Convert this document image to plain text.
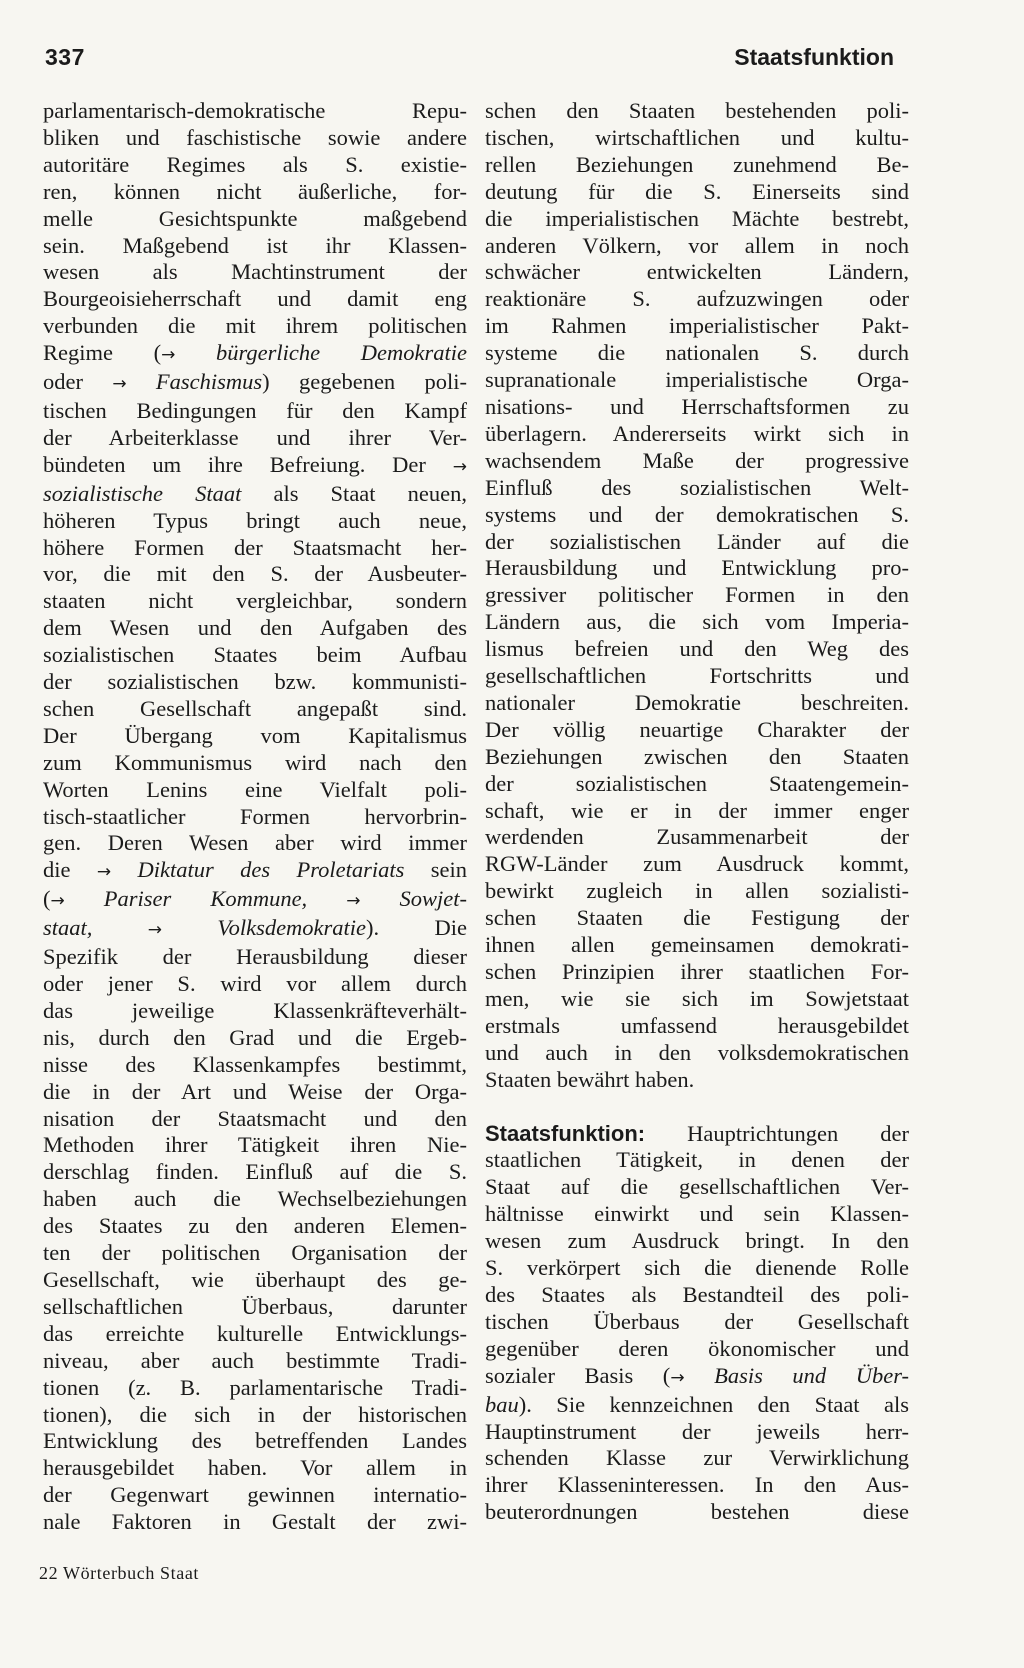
337	Staatsfunktion
parlamentarisch-demokratische Repu-
bliken und faschistische sowie andere
autoritäre Regimes als S. existie-
ren, können nicht äußerliche, for-
melle Gesichtspunkte maßgebend
sein. Maßgebend ist ihr Klassen-
wesen als Machtinstrument der
Bourgeoisieherrschaft und damit eng
verbunden die mit ihrem politischen
Regime (→ bürgerliche Demokratie
oder → Faschismus) gegebenen poli-
tischen Bedingungen für den Kampf
der Arbeiterklasse und ihrer Ver-
bündeten um ihre Befreiung. Der →
sozialistische Staat als Staat neuen,
höheren Typus bringt auch neue,
höhere Formen der Staatsmacht her-
vor, die mit den S. der Ausbeuter-
staaten nicht vergleichbar, sondern
dem Wesen und den Aufgaben des
sozialistischen Staates beim Aufbau
der sozialistischen bzw. kommunisti-
schen Gesellschaft angepaßt sind.
Der Übergang vom Kapitalismus
zum Kommunismus wird nach den
Worten Lenins eine Vielfalt poli-
tisch-staatlicher Formen hervorbrin-
gen. Deren Wesen aber wird immer
die → Diktatur des Proletariats sein
(→ Pariser Kommune, → Sowjet-
staat,	→ Volksdemokratie). Die
Spezifik der Herausbildung dieser
oder jener S. wird vor allem durch
das jeweilige Klassenkräfteverhält-
nis, durch den Grad und die Ergeb-
nisse des Klassenkampfes bestimmt,
die in der Art und Weise der Orga-
nisation der Staatsmacht und den
Methoden ihrer Tätigkeit ihren Nie-
derschlag finden. Einfluß auf die S.
haben auch die Wechselbeziehungen
des Staates zu den anderen Elemen-
ten der politischen Organisation der
Gesellschaft, wie überhaupt des ge-
sellschaftlichen Überbaus, darunter
das erreichte kulturelle Entwicklungs-
niveau, aber auch bestimmte Tradi-
tionen (z. B. parlamentarische Tradi-
tionen), die sich in der historischen
Entwicklung des betreffenden Landes
herausgebildet haben. Vor allem in
der Gegenwart gewinnen internatio-
nale Faktoren in Gestalt der zwi-
schen den Staaten bestehenden poli-
tischen, wirtschaftlichen und kultu-
rellen Beziehungen zunehmend Be-
deutung für die S. Einerseits sind
die imperialistischen Mächte bestrebt,
anderen Völkern, vor allem in noch
schwächer entwickelten Ländern,
reaktionäre S. aufzuzwingen oder
im Rahmen imperialistischer Pakt-
systeme die nationalen S. durch
supranationale imperialistische Orga-
nisations- und Herrschaftsformen zu
überlagern. Andererseits wirkt sich in
wachsendem Maße der progressive
Einfluß des sozialistischen Welt-
systems und der demokratischen S.
der sozialistischen Länder auf die
Herausbildung und Entwicklung pro-
gressiver politischer Formen in den
Ländern aus, die sich vom Imperia-
lismus befreien und den Weg des
gesellschaftlichen Fortschritts und
nationaler Demokratie beschreiten.
Der völlig neuartige Charakter der
Beziehungen zwischen den Staaten
der sozialistischen Staatengemein-
schaft, wie er in der immer enger
werdenden Zusammenarbeit der
RGW-Länder zum Ausdruck kommt,
bewirkt zugleich in allen sozialisti-
schen Staaten die Festigung der
ihnen allen gemeinsamen demokrati-
schen Prinzipien ihrer staatlichen For-
men, wie sie sich im Sowjetstaat
erstmals umfassend herausgebildet
und auch in den volksdemokratischen
Staaten bewährt haben.
Staatsfunktion: Hauptrichtungen der
staatlichen Tätigkeit, in denen der
Staat auf die gesellschaftlichen Ver-
hältnisse einwirkt und sein Klassen-
wesen zum Ausdruck bringt. In den
S. verkörpert sich die dienende Rolle
des Staates als Bestandteil des poli-
tischen Überbaus der Gesellschaft
gegenüber deren ökonomischer und
sozialer Basis (→ Basis und Über-
bau). Sie kennzeichnen den Staat als
Hauptinstrument der jeweils herr-
schenden Klasse zur Verwirklichung
ihrer Klasseninteressen. In den Aus-
beuterordnungen bestehen diese
22 Wörterbuch Staat
